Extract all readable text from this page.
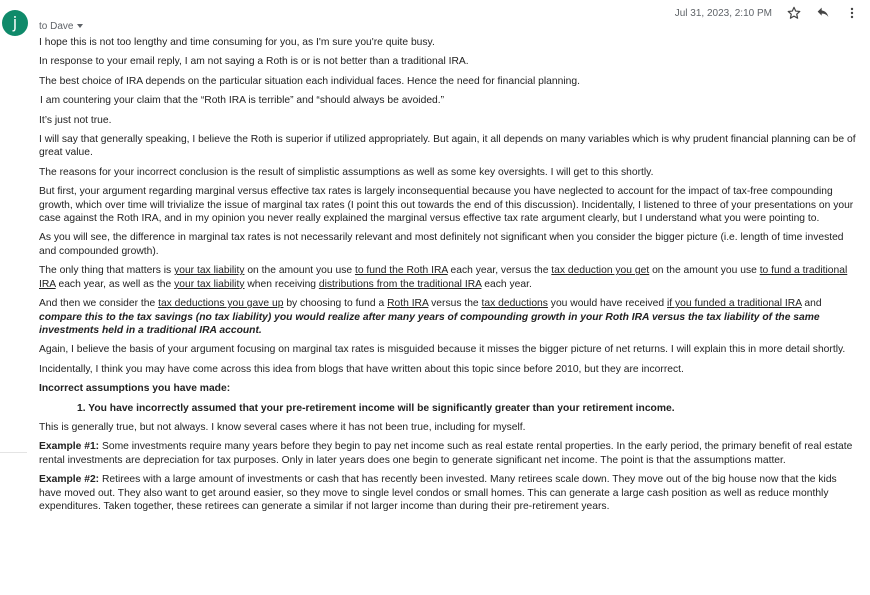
j	to Dave
Jul 31, 2023, 2:10 PM

I hope this is not too lengthy and time consuming for you, as I'm sure you're quite busy.

In response to your email reply, I am not saying a Roth is or is not better than a traditional IRA.

The best choice of IRA depends on the particular situation each individual faces. Hence the need for financial planning.

I am countering your claim that the “Roth IRA is terrible” and “should always be avoided.”

It’s just not true.

I will say that generally speaking, I believe the Roth is superior if utilized appropriately. But again, it all depends on many variables which is why prudent financial planning can be of great value.

The reasons for your incorrect conclusion is the result of simplistic assumptions as well as some key oversights. I will get to this shortly.

But first, your argument regarding marginal versus effective tax rates is largely inconsequential because you have neglected to account for the impact of tax-free compounding growth, which over time will trivialize the issue of marginal tax rates (I point this out towards the end of this discussion). Incidentally, I listened to three of your presentations on your case against the Roth IRA, and in my opinion you never really explained the marginal versus effective tax rate argument clearly, but I understand what you were pointing to.

As you will see, the difference in marginal tax rates is not necessarily relevant and most definitely not significant when you consider the bigger picture (i.e. length of time invested and compounded growth).

The only thing that matters is your tax liability on the amount you use to fund the Roth IRA each year, versus the tax deduction you get on the amount you use to fund a traditional IRA each year, as well as the your tax liability when receiving distributions from the traditional IRA each year.

And then we consider the tax deductions you gave up by choosing to fund a Roth IRA versus the tax deductions you would have received if you funded a traditional IRA and compare this to the tax savings (no tax liability) you would realize after many years of compounding growth in your Roth IRA versus the tax liability of the same investments held in a traditional IRA account.

Again, I believe the basis of your argument focusing on marginal tax rates is misguided because it misses the bigger picture of net returns. I will explain this in more detail shortly.

Incidentally, I think you may have come across this idea from blogs that have written about this topic since before 2010, but they are incorrect.

Incorrect assumptions you have made:

1. You have incorrectly assumed that your pre-retirement income will be significantly greater than your retirement income.

This is generally true, but not always. I know several cases where it has not been true, including for myself.

Example #1: Some investments require many years before they begin to pay net income such as real estate rental properties. In the early period, the primary benefit of real estate rental investments are depreciation for tax purposes. Only in later years does one begin to generate significant net income. The point is that the assumptions matter.

Example #2: Retirees with a large amount of investments or cash that has recently been invested. Many retirees scale down. They move out of the big house now that the kids have moved out. They also want to get around easier, so they move to single level condos or small homes. This can generate a large cash position as well as reduce monthly expenditures. Taken together, these retirees can generate a similar if not larger income than during their pre-retirement years.
